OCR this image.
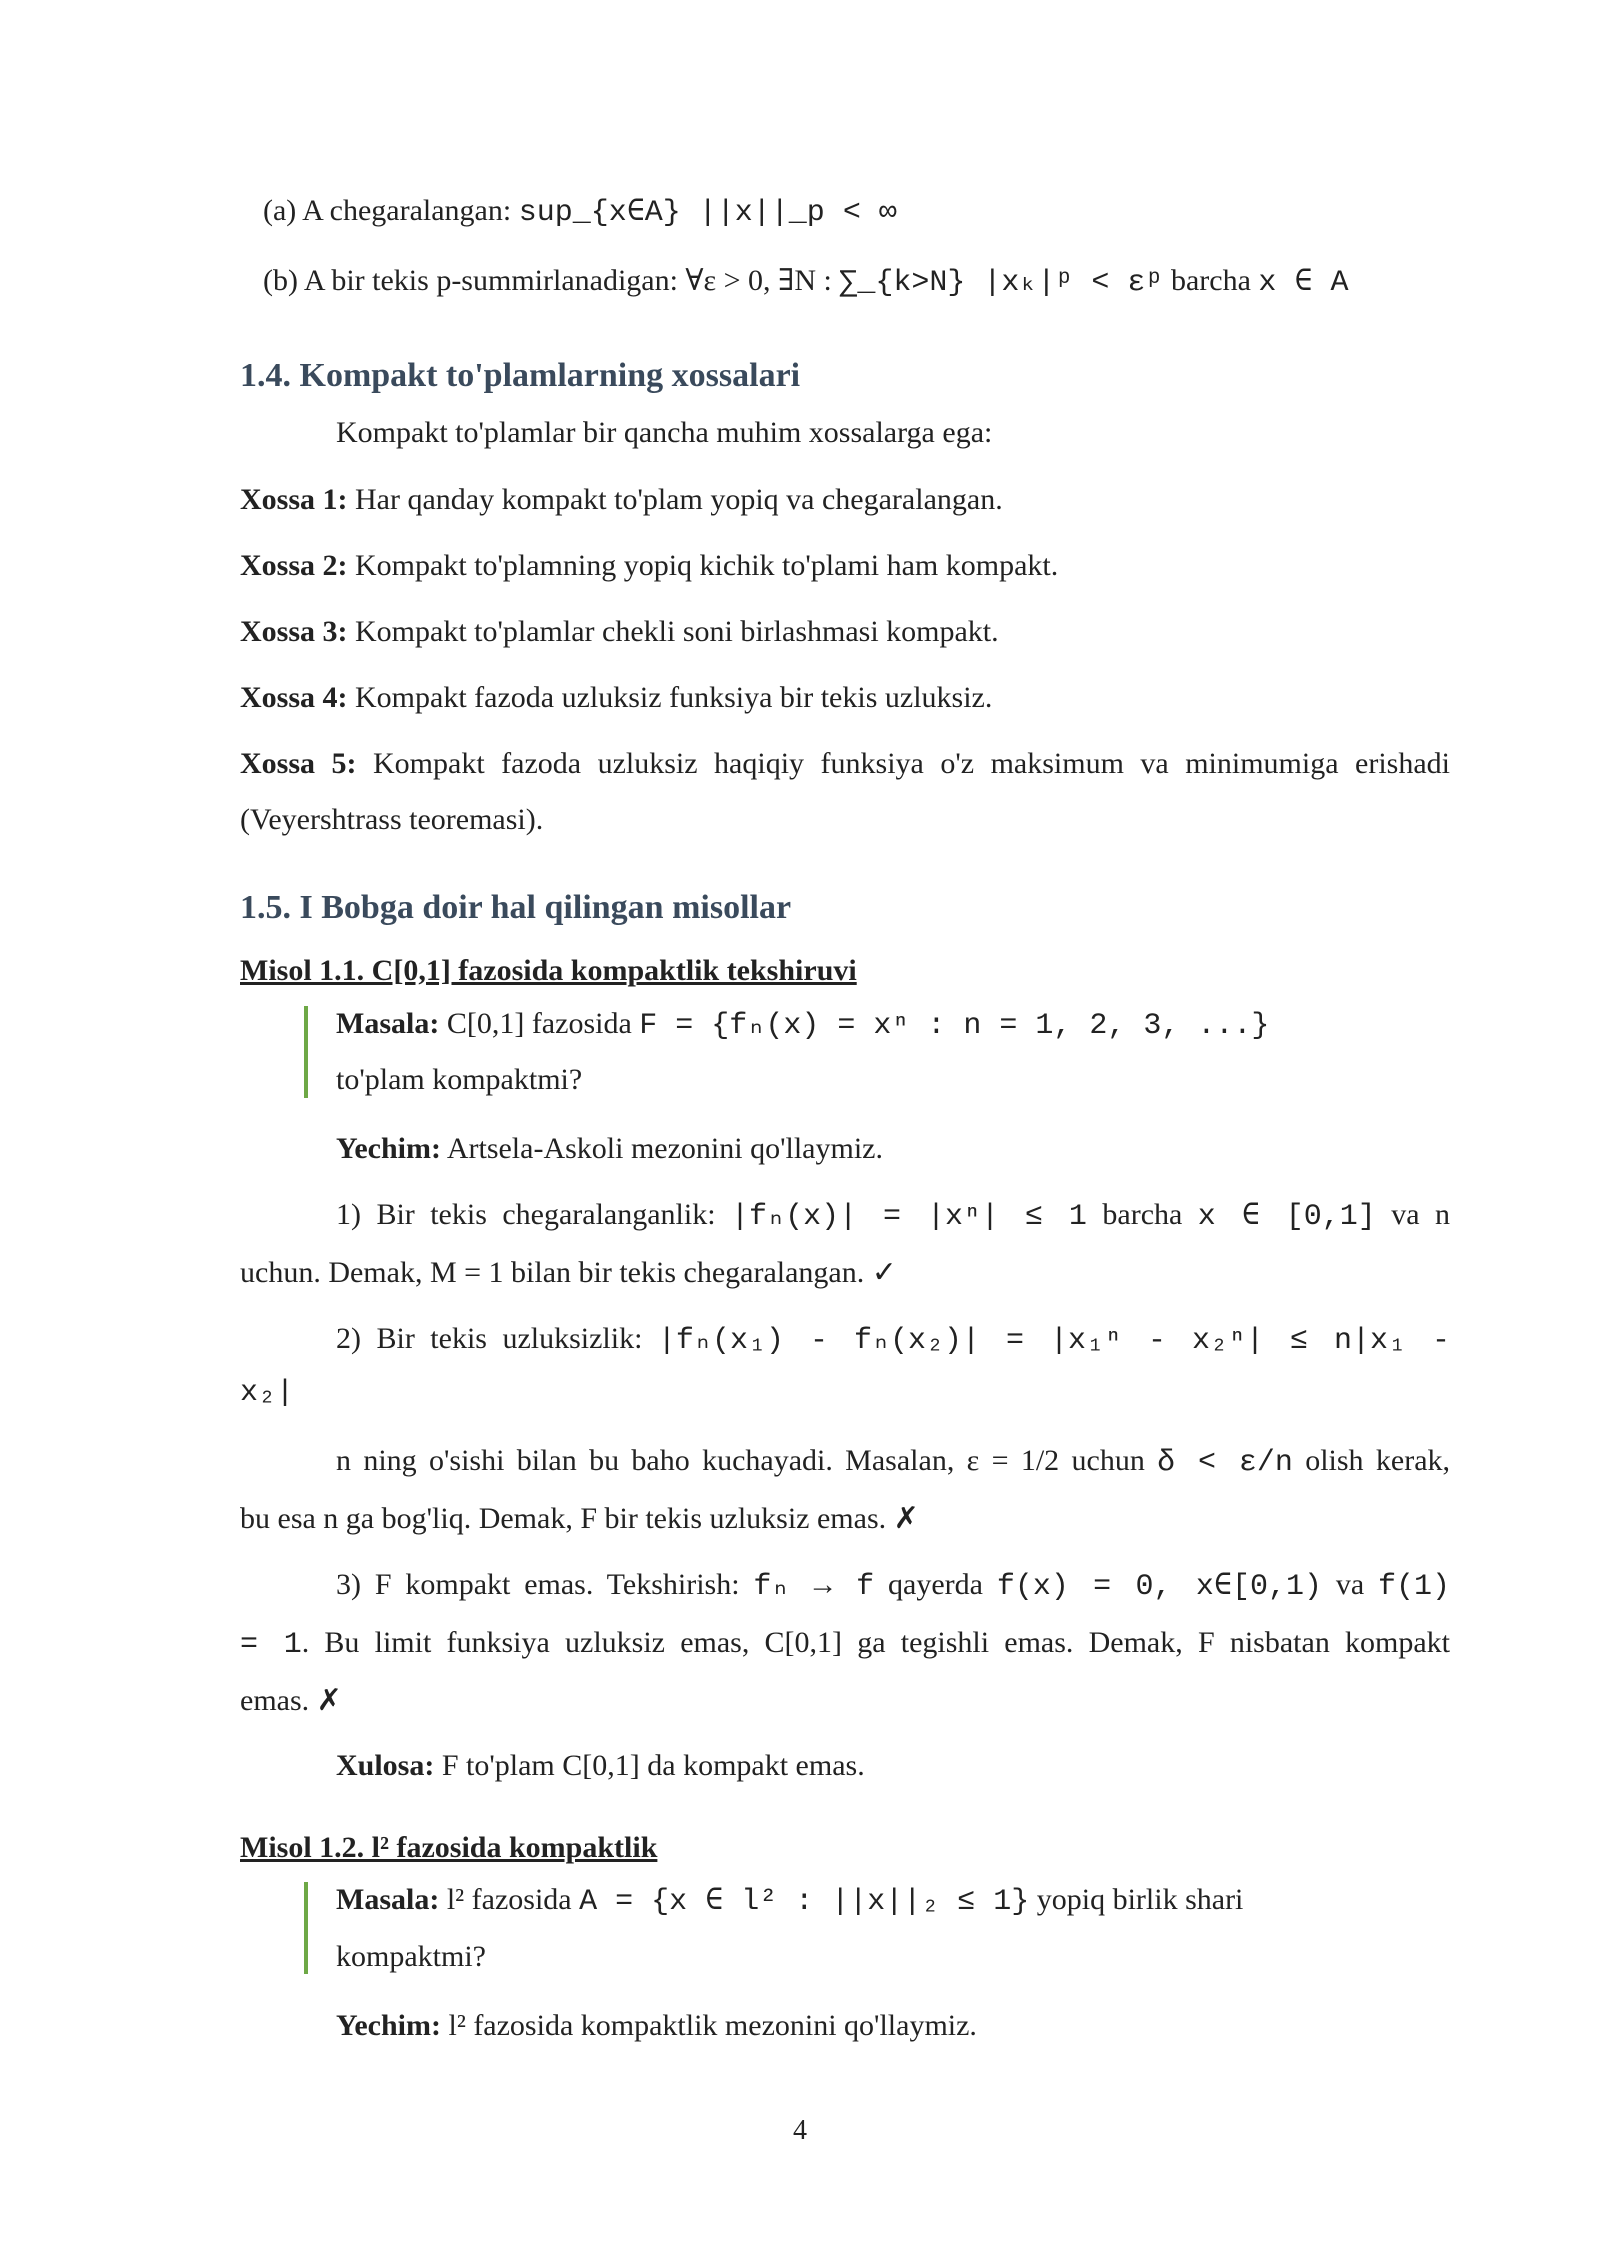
(a) A chegaralangan: sup_{x∈A} ||x||_p < ∞
(b) A bir tekis p-summirlanadigan: ∀ε > 0, ∃N : ∑_{k>N} |xₖ|ᵖ < εᵖ barcha x ∈ A
1.4. Kompakt to'plamlarning xossalari
Kompakt to'plamlar bir qancha muhim xossalarga ega:
Xossa 1: Har qanday kompakt to'plam yopiq va chegaralangan.
Xossa 2: Kompakt to'plamning yopiq kichik to'plami ham kompakt.
Xossa 3: Kompakt to'plamlar chekli soni birlashmasi kompakt.
Xossa 4: Kompakt fazoda uzluksiz funksiya bir tekis uzluksiz.
Xossa 5: Kompakt fazoda uzluksiz haqiqiy funksiya o'z maksimum va minimumiga erishadi
(Veyershtrass teoremasi).
1.5. I Bobga doir hal qilingan misollar
Misol 1.1. C[0,1] fazosida kompaktlik tekshiruvi
Masala: C[0,1] fazosida F = {fₙ(x) = xⁿ : n = 1, 2, 3, ...}
to'plam kompaktmi?
Yechim: Artsela-Askoli mezonini qo'llaymiz.
1) Bir tekis chegaralanganlik: |fₙ(x)| = |xⁿ| ≤ 1 barcha x ∈ [0,1] va n
uchun. Demak, M = 1 bilan bir tekis chegaralangan. ✓
2) Bir tekis uzluksizlik: |fₙ(x₁) - fₙ(x₂)| = |x₁ⁿ - x₂ⁿ| ≤ n|x₁ -
x₂|
n ning o'sishi bilan bu baho kuchayadi. Masalan, ε = 1/2 uchun δ < ε/n olish kerak,
bu esa n ga bog'liq. Demak, F bir tekis uzluksiz emas. ✗
3) F kompakt emas. Tekshirish: fₙ → f qayerda f(x) = 0, x∈[0,1) va f(1)
= 1. Bu limit funksiya uzluksiz emas, C[0,1] ga tegishli emas. Demak, F nisbatan kompakt
emas. ✗
Xulosa: F to'plam C[0,1] da kompakt emas.
Misol 1.2. l² fazosida kompaktlik
Masala: l² fazosida A = {x ∈ l² : ||x||₂ ≤ 1} yopiq birlik shari
kompaktmi?
Yechim: l² fazosida kompaktlik mezonini qo'llaymiz.
4
